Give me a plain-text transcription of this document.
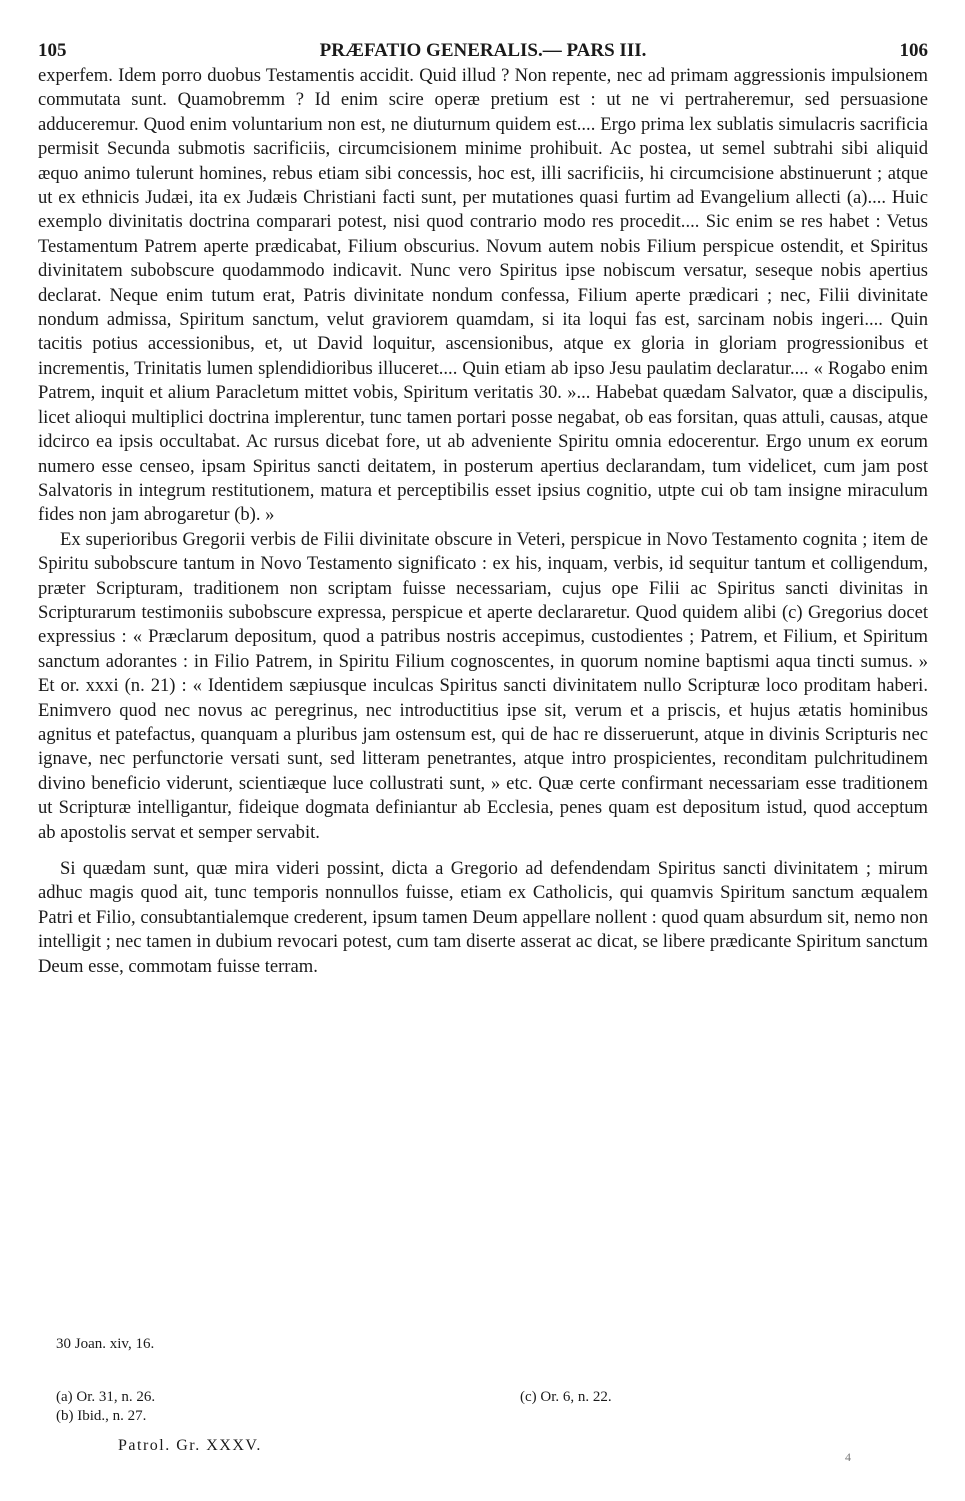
105	PRÆFATIO GENERALIS.— PARS III.	106

experfem. Idem porro duobus Testamentis accidit. Quid illud ? Non repente, nec ad primam aggressionis impulsionem commutata sunt. Quamobremm ? Id enim scire operæ pretium est : ut ne vi pertraheremur, sed persuasione adduceremur. Quod enim voluntarium non est, ne diuturnum quidem est.... Ergo prima lex sublatis simulacris sacrificia permisit Secunda submotis sacrificiis, circumcisionem minime prohibuit. Ac postea, ut semel subtrahi sibi aliquid æquo animo tulerunt homines, rebus etiam sibi concessis, hoc est, illi sacrificiis, hi circumcisione abstinuerunt ; atque ut ex ethnicis Judæi, ita ex Judæis Christiani facti sunt, per mutationes quasi furtim ad Evangelium allecti (a).... Huic exemplo divinitatis doctrina comparari potest, nisi quod contrario modo res procedit.... Sic enim se res habet : Vetus Testamentum Patrem aperte prædicabat, Filium obscurius. Novum autem nobis Filium perspicue ostendit, et Spiritus divinitatem subobscure quodammodo indicavit. Nunc vero Spiritus ipse nobiscum versatur, seseque nobis apertius declarat. Neque enim tutum erat, Patris divinitate nondum confessa, Filium aperte prædicari ; nec, Filii divinitate nondum admissa, Spiritum sanctum, velut graviorem quamdam, si ita loqui fas est, sarcinam nobis ingeri.... Quin tacitis potius accessionibus, et, ut David loquitur, ascensionibus, atque ex gloria in gloriam progressionibus et incrementis, Trinitatis lumen splendidioribus illuceret.... Quin etiam ab ipso Jesu paulatim declaratur.... « Rogabo enim Patrem, inquit et alium Paracletum mittet vobis, Spiritum veritatis 30. »... Habebat quædam Salvator, quæ a discipulis, licet alioqui multiplici doctrina implerentur, tunc tamen portari posse negabat, ob eas forsitan, quas attuli, causas, atque idcirco ea ipsis occultabat. Ac rursus dicebat fore, ut ab adveniente Spiritu omnia edocerentur. Ergo unum ex eorum numero esse censeo, ipsam Spiritus sancti deitatem, in posterum apertius declarandam, tum videlicet, cum jam post Salvatoris in integrum restitutionem, matura et perceptibilis esset ipsius cognitio, utpte cui ob tam insigne miraculum fides non jam abrogaretur (b). »

Ex superioribus Gregorii verbis de Filii divinitate obscure in Veteri, perspicue in Novo Testamento cognita ; item de Spiritu subobscure tantum in Novo Testamento significato : ex his, inquam, verbis, id sequitur tantum et colligendum, præter Scripturam, traditionem non scriptam fuisse necessariam, cujus ope Filii ac Spiritus sancti divinitas in Scripturarum testimoniis subobscure expressa, perspicue et aperte declararetur. Quod quidem alibi (c) Gregorius docet expressius : « Præclarum depositum, quod a patribus nostris accepimus, custodientes ; Patrem, et Filium, et Spiritum sanctum adorantes : in Filio Patrem, in Spiritu Filium cognoscentes, in quorum nomine baptismi aqua tincti sumus. » Et or. xxxi (n. 21) : « Identidem sæpiusque inculcas Spiritus sancti divinitatem nullo Scripturæ loco proditam haberi. Enimvero quod nec novus ac peregrinus, nec introductitius ipse sit, verum et a priscis, et hujus ætatis hominibus agnitus et patefactus, quanquam a pluribus jam ostensum est, qui de hac re disseruerunt, atque in divinis Scripturis nec ignave, nec perfunctorie versati sunt, sed litteram penetrantes, atque intro prospicientes, reconditam pulchritudinem divino beneficio viderunt, scientiæque luce collustrati sunt, » etc. Quæ certe confirmant necessariam esse traditionem ut Scripturæ intelligantur, fideique dogmata definiantur ab Ecclesia, penes quam est depositum istud, quod acceptum ab apostolis servat et semper servabit.

Si quædam sunt, quæ mira videri possint, dicta a Gregorio ad defendendam Spiritus sancti divinitatem ; mirum adhuc magis quod ait, tunc temporis nonnullos fuisse, etiam ex Catholicis, qui quamvis Spiritum sanctum æqualem Patri et Filio, consubtantialemque crederent, ipsum tamen Deum appellare nollent : quod quam absurdum sit, nemo non intelligit ; nec tamen in dubium revocari potest, cum tam diserte asserat ac dicat, se libere prædicante Spiritum sanctum Deum esse, commotam fuisse terram.

30 Joan. xiv, 16.
(a) Or. 31, n. 26.
(b) Ibid., n. 27.
(c) Or. 6, n. 22.
Patrol. Gr. XXXV.
4
